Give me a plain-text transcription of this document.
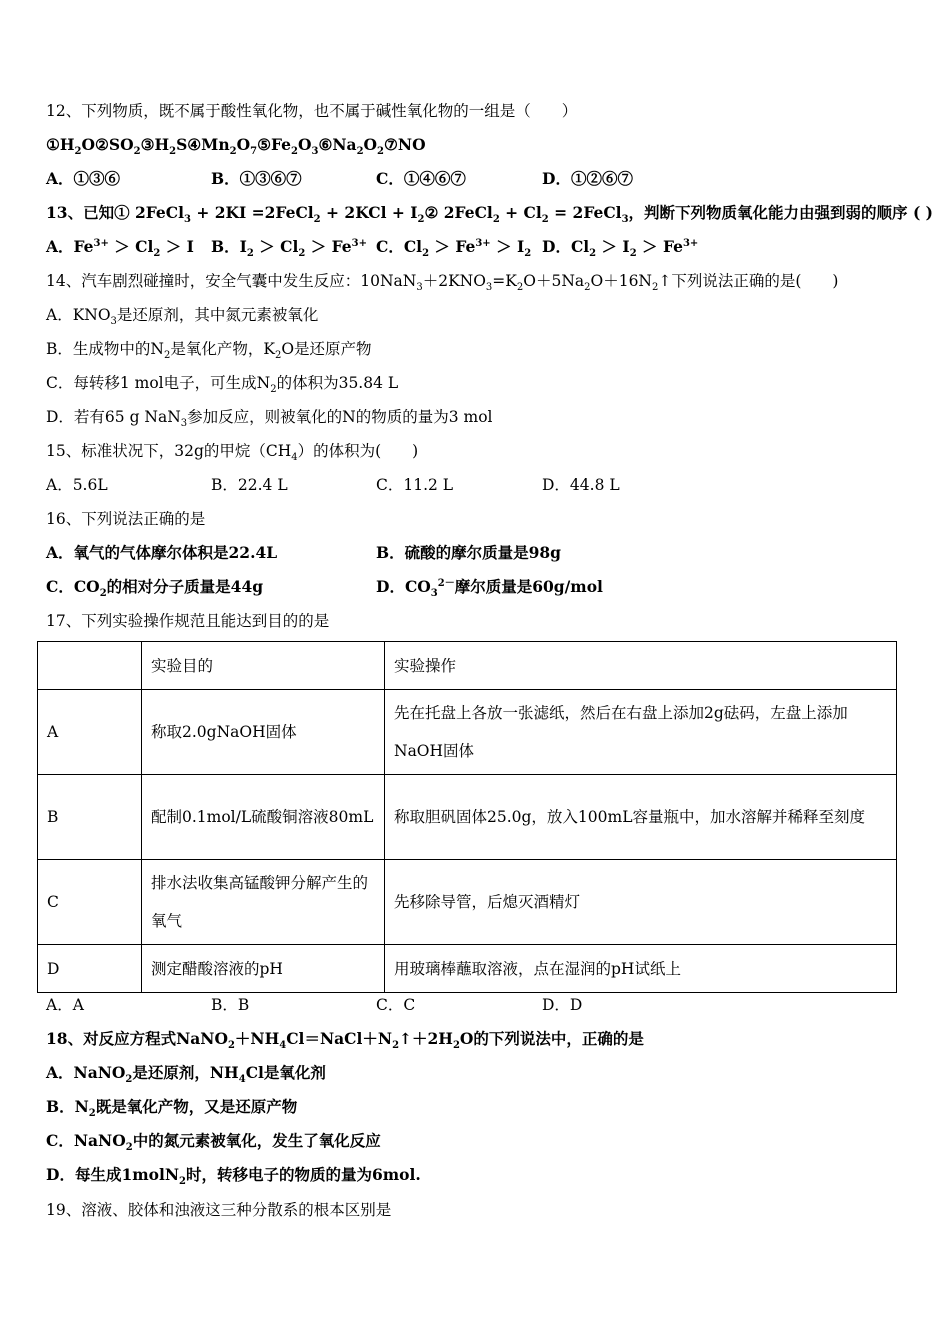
12、下列物质，既不属于酸性氧化物，也不属于碱性氧化物的一组是（　　）
$①H_2O②SO_2③H_2S④Mn_2O_7⑤Fe_2O_3⑥Na_2O_2⑦NO$
A．①③⑥	B．①③⑥⑦	C．①④⑥⑦	D．①②⑥⑦
13、已知① 2FeCl$_3$ + 2KI =2FeCl$_2$ + $2KCl + I_2②$ 2FeCl$_2$ + $Cl_2$ = 2FeCl$_3$，判断下列物质氧化能力由强到弱的顺序 ( )
A．$Fe^{3+} > Cl_2 > I$ B．$I_2 > Cl_2 > Fe^{3+}$ C．$Cl_2 > Fe^{3+} > I_2$ D．$Cl_2 > I_2 > Fe^{3+}$
14、汽车剧烈碰撞时，安全气囊中发生反应：$10NaN_3+2KNO_3=K_2O+5Na_2O+16N_2↑$下列说法正确的是(　　)
A．$KNO_3$是还原剂，其中氮元素被氧化
B．生成物中的$N_2$是氧化产物，$K_2O$是还原产物
C．每转移1 mol电子，可生成$N_2$的体积为35.84 L
D．若有65 g NaN$_3$参加反应，则被氧化的N的物质的量为3 mol
15、标准状况下，32g的甲烷$(CH_4)$的体积为(　　)
A．5.6L	B．22.4 L	C．11.2 L	D．44.8 L
16、下列说法正确的是
A．氧气的气体摩尔体积是22.4L	B．硫酸的摩尔质量是98g
C．$CO_2$的相对分子质量是44g	D．$CO_3^{2-}$摩尔质量是60g/mol
17、下列实验操作规范且能达到目的的是
	实验目的	实验操作
A	称取2.0gNaOH固体	先在托盘上各放一张滤纸，然后在右盘上添加2g砝码，左盘上添加NaOH固体
B	配制0.1mol/L硫酸铜溶液80mL	称取胆矾固体25.0g，放入100mL容量瓶中，加水溶解并稀释至刻度
C	排水法收集高锰酸钾分解产生的氧气	先移除导管，后熄灭酒精灯
D	测定醋酸溶液的pH	用玻璃棒蘸取溶液，点在湿润的pH试纸上
A．A	B．B	C．C	D．D
18、对反应方程式$NaNO_2+NH_4Cl=NaCl+N_2↑+2H_2O$的下列说法中，正确的是
A．NaNO$_2$是还原剂，$NH_4Cl$是氧化剂
B．$N_2$既是氧化产物，又是还原产物
C．NaNO$_2$中的氮元素被氧化，发生了氧化反应
D．每生成1molN$_2$时，转移电子的物质的量为6mol.
19、溶液、胶体和浊液这三种分散系的根本区别是
